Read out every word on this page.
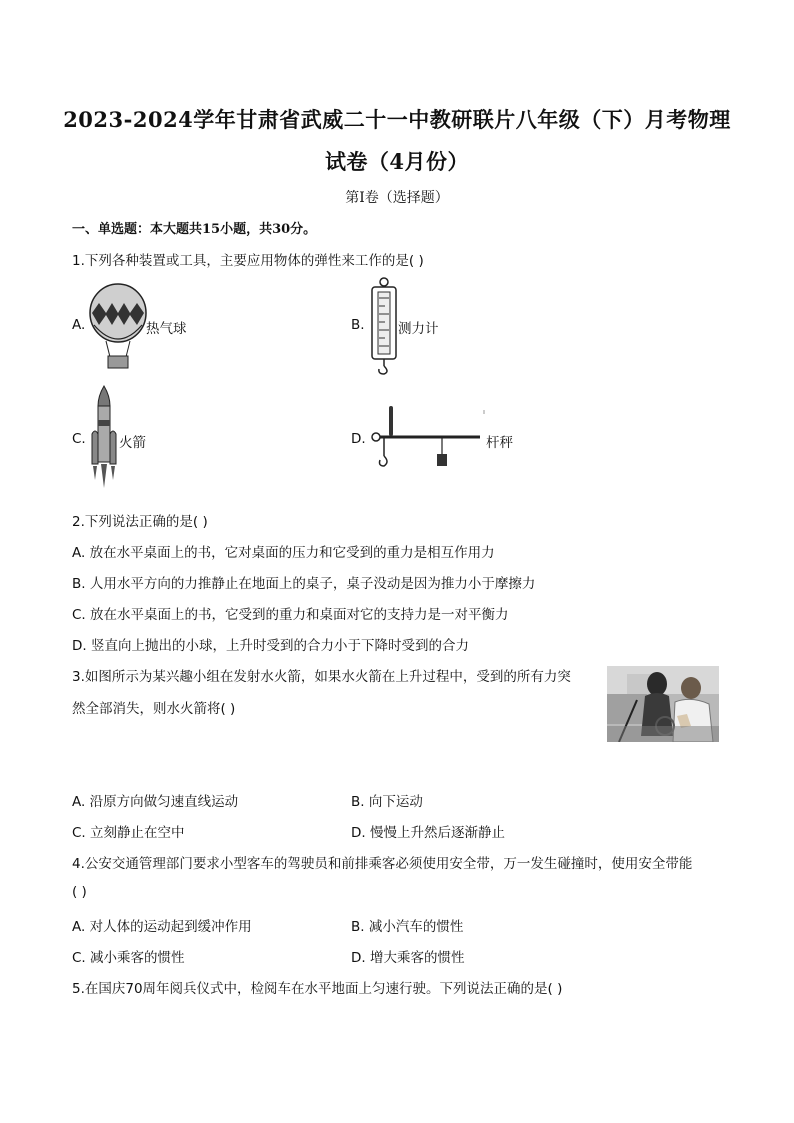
2023-2024学年甘肃省武威二十一中教研联片八年级（下）月考物理
试卷（4月份）
第Ⅰ卷（选择题）
一、单选题：本大题共15小题，共30分。
1.下列各种装置或工具，主要应用物体的弹性来工作的是( )
A.	热气球	B. 测力计
C. 火箭	D.	杆秤
2.下列说法正确的是( )
A. 放在水平桌面上的书，它对桌面的压力和它受到的重力是相互作用力
B. 人用水平方向的力推静止在地面上的桌子，桌子没动是因为推力小于摩擦力
C. 放在水平桌面上的书，它受到的重力和桌面对它的支持力是一对平衡力
D. 竖直向上抛出的小球，上升时受到的合力小于下降时受到的合力
3.如图所示为某兴趣小组在发射水火箭，如果水火箭在上升过程中，受到的所有力突
然全部消失，则水火箭将( )
A. 沿原方向做匀速直线运动	B. 向下运动
C. 立刻静止在空中	D. 慢慢上升然后逐渐静止
4.公安交通管理部门要求小型客车的驾驶员和前排乘客必须使用安全带，万一发生碰撞时，使用安全带能
( )
A. 对人体的运动起到缓冲作用	B. 减小汽车的惯性
C. 减小乘客的惯性	D. 增大乘客的惯性
5.在国庆70周年阅兵仪式中，检阅车在水平地面上匀速行驶。下列说法正确的是( )
